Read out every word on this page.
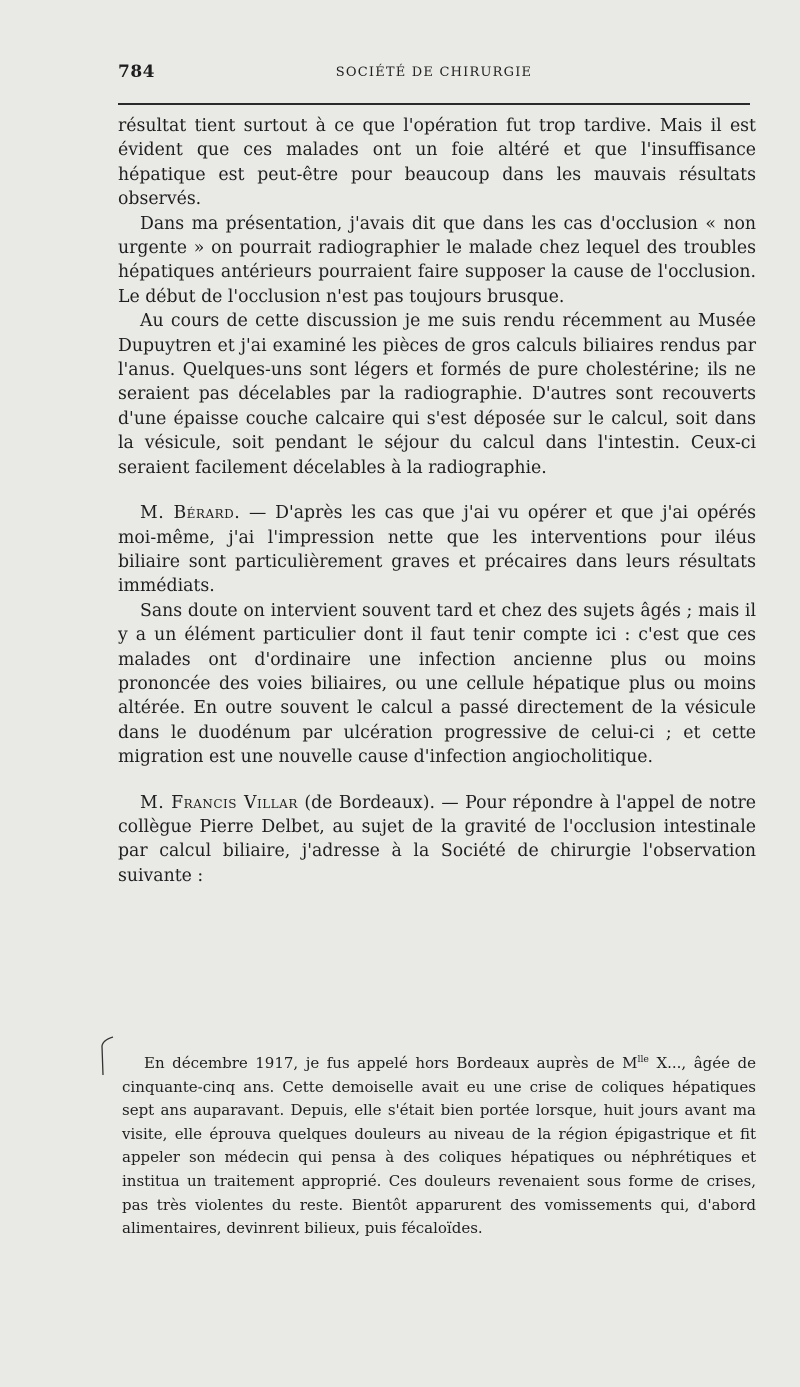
784	SOCIÉTÉ DE CHIRURGIE

résultat tient surtout à ce que l'opération fut trop tardive. Mais il est évident que ces malades ont un foie altéré et que l'insuffisance hépatique est peut-être pour beaucoup dans les mauvais résultats observés.

Dans ma présentation, j'avais dit que dans les cas d'occlusion « non urgente » on pourrait radiographier le malade chez lequel des troubles hépatiques antérieurs pourraient faire supposer la cause de l'occlusion. Le début de l'occlusion n'est pas toujours brusque.

Au cours de cette discussion je me suis rendu récemment au Musée Dupuytren et j'ai examiné les pièces de gros calculs biliaires rendus par l'anus. Quelques-uns sont légers et formés de pure cholestérine; ils ne seraient pas décelables par la radiographie. D'autres sont recouverts d'une épaisse couche calcaire qui s'est déposée sur le calcul, soit dans la vésicule, soit pendant le séjour du calcul dans l'intestin. Ceux-ci seraient facilement décelables à la radiographie.

M. Bérard. — D'après les cas que j'ai vu opérer et que j'ai opérés moi-même, j'ai l'impression nette que les interventions pour iléus biliaire sont particulièrement graves et précaires dans leurs résultats immédiats.

Sans doute on intervient souvent tard et chez des sujets âgés ; mais il y a un élément particulier dont il faut tenir compte ici : c'est que ces malades ont d'ordinaire une infection ancienne plus ou moins prononcée des voies biliaires, ou une cellule hépatique plus ou moins altérée. En outre souvent le calcul a passé directement de la vésicule dans le duodénum par ulcération progressive de celui-ci ; et cette migration est une nouvelle cause d'infection angiocholitique.

M. Francis Villar (de Bordeaux). — Pour répondre à l'appel de notre collègue Pierre Delbet, au sujet de la gravité de l'occlusion intestinale par calcul biliaire, j'adresse à la Société de chirurgie l'observation suivante :

En décembre 1917, je fus appelé hors Bordeaux auprès de $M^{lle}$ X..., âgée de cinquante-cinq ans. Cette demoiselle avait eu une crise de coliques hépatiques sept ans auparavant. Depuis, elle s'était bien portée lorsque, huit jours avant ma visite, elle éprouva quelques douleurs au niveau de la région épigastrique et fit appeler son médecin qui pensa à des coliques hépatiques ou néphrétiques et institua un traitement approprié. Ces douleurs revenaient sous forme de crises, pas très violentes du reste. Bientôt apparurent des vomissements qui, d'abord alimentaires, devinrent bilieux, puis fécaloïdes.
